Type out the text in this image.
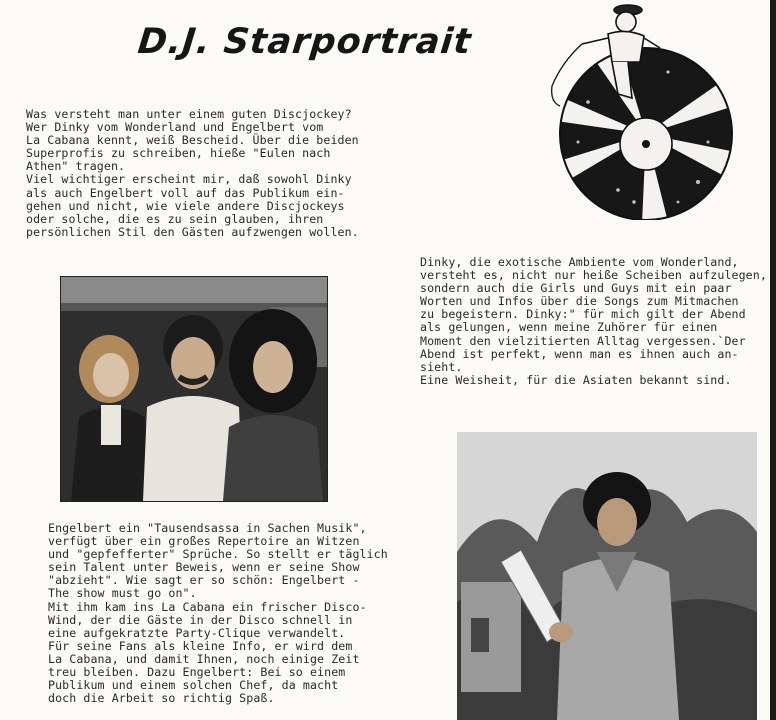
D.J. Starportrait
Was versteht man unter einem guten Discjockey?
Wer Dinky vom Wonderland und Engelbert vom
La Cabana kennt, weiß Bescheid. Über die beiden
Superprofis zu schreiben, hieße "Eulen nach
Athen" tragen.
Viel wichtiger erscheint mir, daß sowohl Dinky
als auch Engelbert voll auf das Publikum ein-
gehen und nicht, wie viele andere Discjockeys
oder solche, die es zu sein glauben, ihren
persönlichen Stil den Gästen aufzwengen wollen.
Dinky, die exotische Ambiente vom Wonderland,
versteht es, nicht nur heiße Scheiben aufzulegen,
sondern auch die Girls und Guys mit ein paar
Worten und Infos über die Songs zum Mitmachen
zu begeistern. Dinky:" für mich gilt der Abend
als gelungen, wenn meine Zuhörer für einen
Moment den vielzitierten Alltag vergessen.`Der
Abend ist perfekt, wenn man es ihnen auch an-
sieht.
Eine Weisheit, für die Asiaten bekannt sind.
Engelbert ein "Tausendsassa in Sachen Musik",
verfügt über ein großes Repertoire an Witzen
und "gepfefferter" Sprüche. So stellt er täglich
sein Talent unter Beweis, wenn er seine Show
"abzieht". Wie sagt er so schön: Engelbert -
The show must go on".
Mit ihm kam ins La Cabana ein frischer Disco-
Wind, der die Gäste in der Disco schnell in
eine aufgekratzte Party-Clique verwandelt.
Für seine Fans als kleine Info, er wird dem
La Cabana, und damit Ihnen, noch einige Zeit
treu bleiben. Dazu Engelbert: Bei so einem
Publikum und einem solchen Chef, da macht
doch die Arbeit so richtig Spaß.
